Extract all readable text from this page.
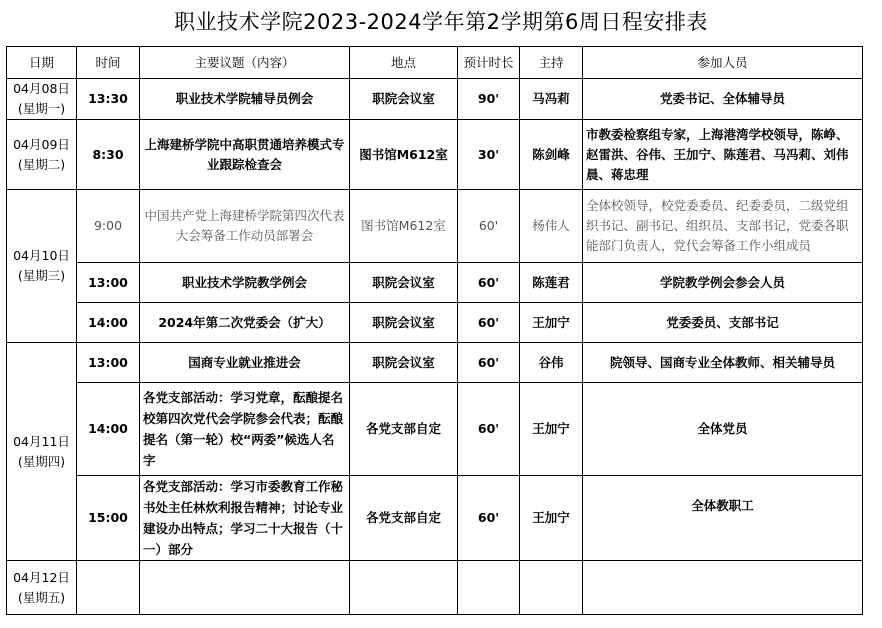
职业技术学院2023-2024学年第2学期第6周日程安排表
日期	时间	主要议题（内容）	地点	预计时长	主持	参加人员

04月08日
(星期一)	13:30	职业技术学院辅导员例会	职院会议室	90'	马冯莉	党委书记、全体辅导员

04月09日
(星期二)	8:30	上海建桥学院中高职贯通培养模式专业跟踪检查会	图书馆M612室	30'	陈剑峰	市教委检察组专家，上海港湾学校领导，陈峥、赵雷洪、谷伟、王加宁、陈莲君、马冯莉、刘伟晨、蒋忠理

04月10日
(星期三)	9:00	中国共产党上海建桥学院第四次代表大会筹备工作动员部署会	图书馆M612室	60'	杨伟人	全体校领导，校党委委员、纪委委员，二级党组织书记、副书记、组织员、支部书记，党委各职能部门负责人，党代会筹备工作小组成员
	13:00	职业技术学院教学例会	职院会议室	60'	陈莲君	学院教学例会参会人员
	14:00	2024年第二次党委会（扩大）	职院会议室	60'	王加宁	党委委员、支部书记

04月11日
(星期四)	13:00	国商专业就业推进会	职院会议室	60'	谷伟	院领导、国商专业全体教师、相关辅导员
	14:00	各党支部活动：学习党章，酝酿提名校第四次党代会学院参会代表；酝酿提名（第一轮）校“两委”候选人名字	各党支部自定	60'	王加宁	全体党员
	15:00	各党支部活动：学习市委教育工作秘书处主任林炊利报告精神；讨论专业建设办出特点；学习二十大报告（十一）部分	各党支部自定	60'	王加宁	全体教职工

04月12日
(星期五)						
